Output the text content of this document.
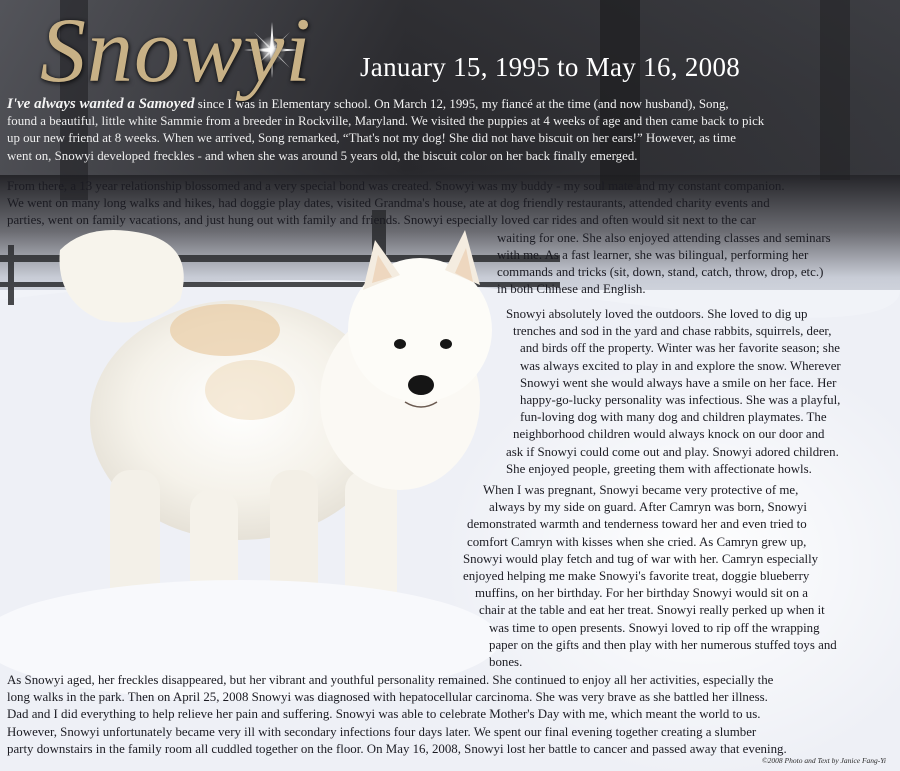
Snowyi	January 15, 1995 to May 16, 2008
I've always wanted a Samoyed since I was in Elementary school. On March 12, 1995, my fiancé at the time (and now husband), Song,
found a beautiful, little white Sammie from a breeder in Rockville, Maryland. We visited the puppies at 4 weeks of age and then came back to pick
up our new friend at 8 weeks. When we arrived, Song remarked, “That's not my dog! She did not have biscuit on her ears!” However, as time
went on, Snowyi developed freckles - and when she was around 5 years old, the biscuit color on her back finally emerged.
From there, a 13 year relationship blossomed and a very special bond was created. Snowyi was my buddy - my soul mate and my constant companion.
We went on many long walks and hikes, had doggie play dates, visited Grandma's house, ate at dog friendly restaurants, attended charity events and
parties, went on family vacations, and just hung out with family and friends. Snowyi especially loved car rides and often would sit next to the car
waiting for one. She also enjoyed attending classes and seminars
with me. As a fast learner, she was bilingual, performing her
commands and tricks (sit, down, stand, catch, throw, drop, etc.)
in both Chinese and English.
Snowyi absolutely loved the outdoors. She loved to dig up
trenches and sod in the yard and chase rabbits, squirrels, deer,
and birds off the property. Winter was her favorite season; she
was always excited to play in and explore the snow. Wherever
Snowyi went she would always have a smile on her face. Her
happy-go-lucky personality was infectious. She was a playful,
fun-loving dog with many dog and children playmates. The
neighborhood children would always knock on our door and
ask if Snowyi could come out and play. Snowyi adored children.
She enjoyed people, greeting them with affectionate howls.
When I was pregnant, Snowyi became very protective of me,
always by my side on guard. After Camryn was born, Snowyi
demonstrated warmth and tenderness toward her and even tried to
comfort Camryn with kisses when she cried. As Camryn grew up,
Snowyi would play fetch and tug of war with her. Camryn especially
enjoyed helping me make Snowyi's favorite treat, doggie blueberry
muffins, on her birthday. For her birthday Snowyi would sit on a
chair at the table and eat her treat. Snowyi really perked up when it
was time to open presents. Snowyi loved to rip off the wrapping
paper on the gifts and then play with her numerous stuffed toys and
bones.
As Snowyi aged, her freckles disappeared, but her vibrant and youthful personality remained. She continued to enjoy all her activities, especially the
long walks in the park. Then on April 25, 2008 Snowyi was diagnosed with hepatocellular carcinoma. She was very brave as she battled her illness.
Dad and I did everything to help relieve her pain and suffering. Snowyi was able to celebrate Mother's Day with me, which meant the world to us.
However, Snowyi unfortunately became very ill with secondary infections four days later. We spent our final evening together creating a slumber
party downstairs in the family room all cuddled together on the floor. On May 16, 2008, Snowyi lost her battle to cancer and passed away that evening.
©2008 Photo and Text by Janice Fang-Yi
